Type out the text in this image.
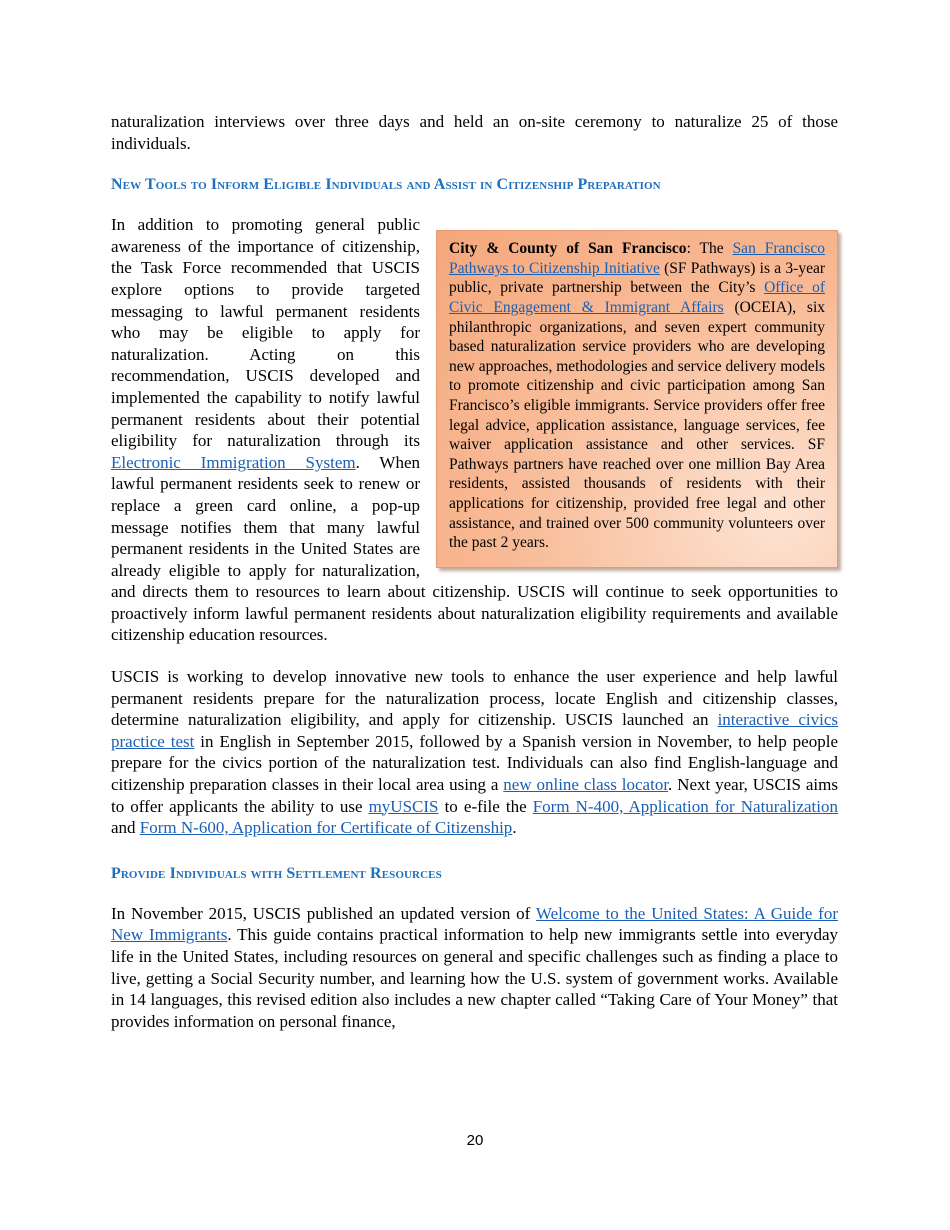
naturalization interviews over three days and held an on-site ceremony to naturalize 25 of those individuals.

New Tools to Inform Eligible Individuals and Assist in Citizenship Preparation
City & County of San Francisco: The San Francisco Pathways to Citizenship Initiative (SF Pathways) is a 3-year public, private partnership between the City’s Office of Civic Engagement & Immigrant Affairs (OCEIA), six philanthropic organizations, and seven expert community based naturalization service providers who are developing new approaches, methodologies and service delivery models to promote citizenship and civic participation among San Francisco’s eligible immigrants. Service providers offer free legal advice, application assistance, language services, fee waiver application assistance and other services. SF Pathways partners have reached over one million Bay Area residents, assisted thousands of residents with their applications for citizenship, provided free legal and other assistance, and trained over 500 community volunteers over the past 2 years.
In addition to promoting general public awareness of the importance of citizenship, the Task Force recommended that USCIS explore options to provide targeted messaging to lawful permanent residents who may be eligible to apply for naturalization. Acting on this recommendation, USCIS developed and implemented the capability to notify lawful permanent residents about their potential eligibility for naturalization through its Electronic Immigration System. When lawful permanent residents seek to renew or replace a green card online, a pop-up message notifies them that many lawful permanent residents in the United States are already eligible to apply for naturalization, and directs them to resources to learn about citizenship. USCIS will continue to seek opportunities to proactively inform lawful permanent residents about naturalization eligibility requirements and available citizenship education resources.

USCIS is working to develop innovative new tools to enhance the user experience and help lawful permanent residents prepare for the naturalization process, locate English and citizenship classes, determine naturalization eligibility, and apply for citizenship. USCIS launched an interactive civics practice test in English in September 2015, followed by a Spanish version in November, to help people prepare for the civics portion of the naturalization test. Individuals can also find English-language and citizenship preparation classes in their local area using a new online class locator. Next year, USCIS aims to offer applicants the ability to use myUSCIS to e-file the Form N-400, Application for Naturalization and Form N-600, Application for Certificate of Citizenship.

Provide Individuals with Settlement Resources

In November 2015, USCIS published an updated version of Welcome to the United States: A Guide for New Immigrants. This guide contains practical information to help new immigrants settle into everyday life in the United States, including resources on general and specific challenges such as finding a place to live, getting a Social Security number, and learning how the U.S. system of government works. Available in 14 languages, this revised edition also includes a new chapter called “Taking Care of Your Money” that provides information on personal finance,

20
